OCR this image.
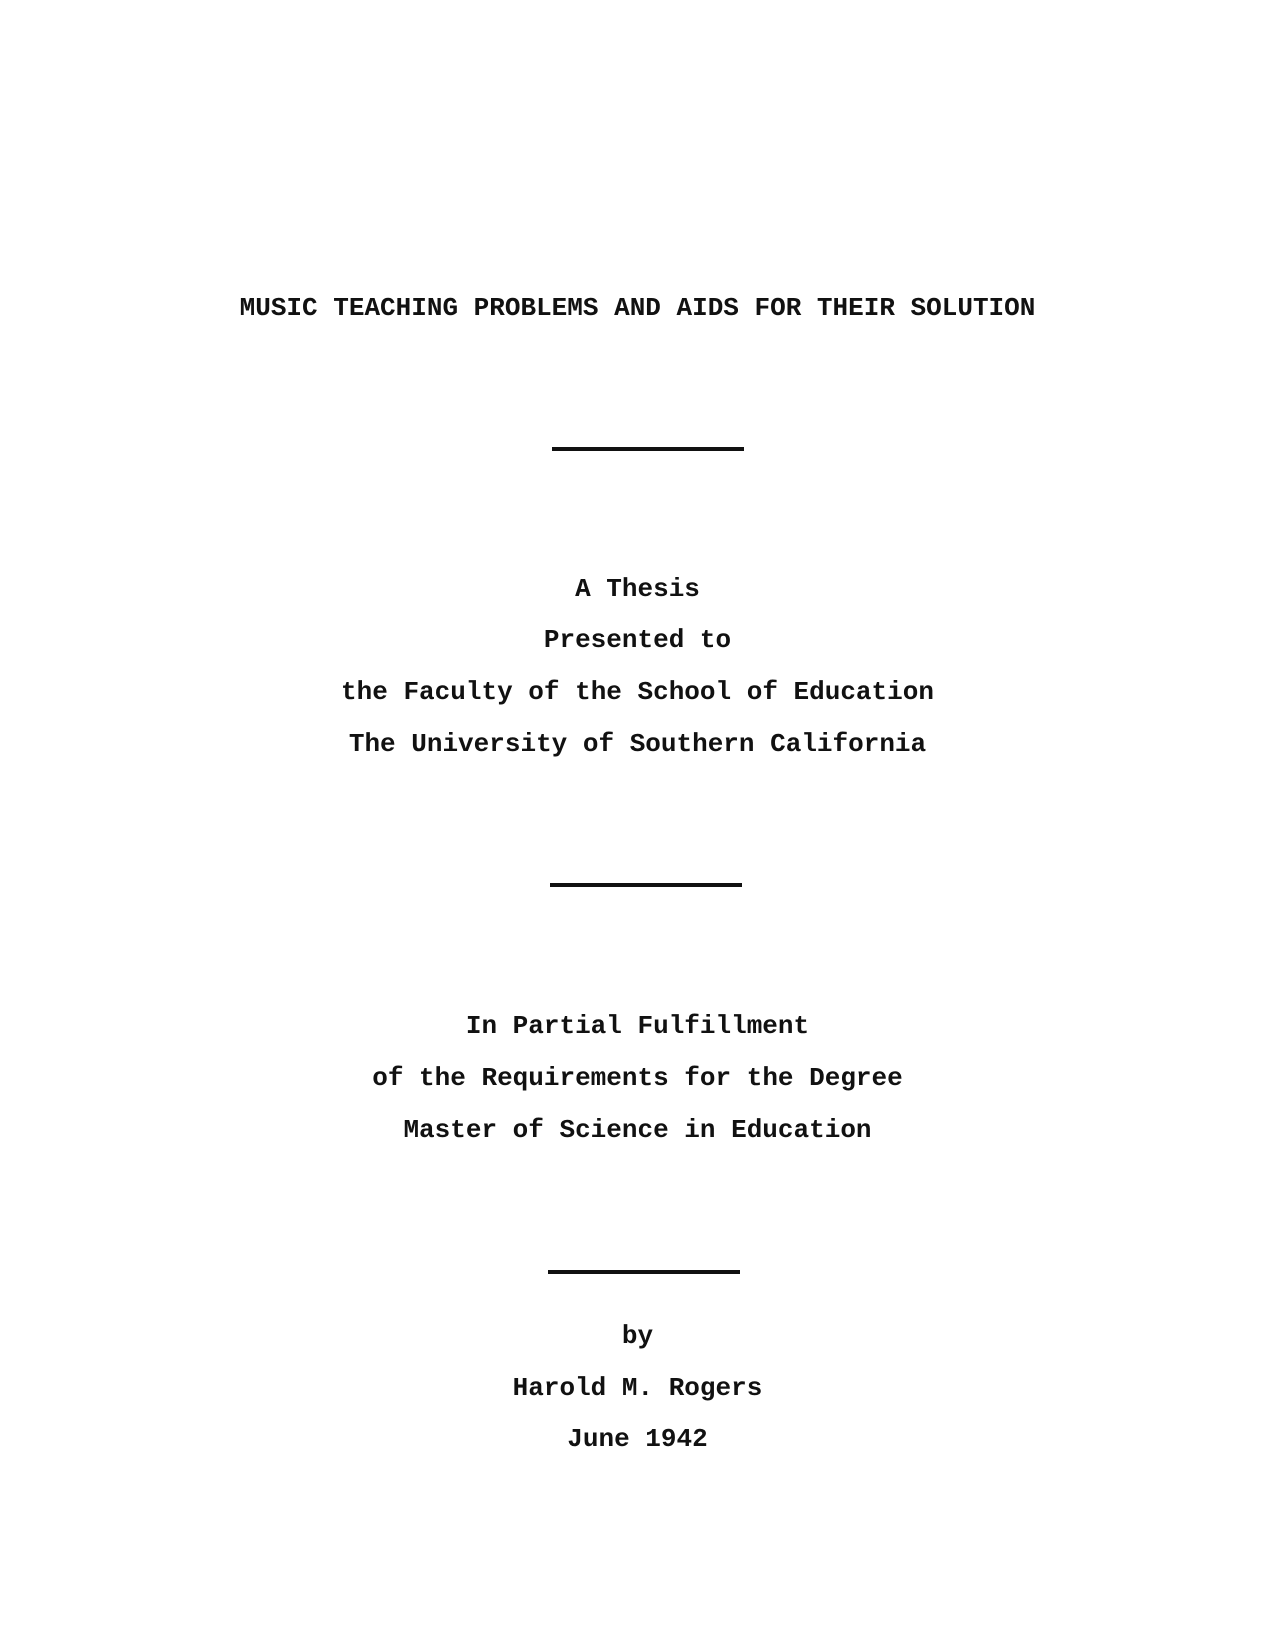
MUSIC TEACHING PROBLEMS AND AIDS FOR THEIR SOLUTION
A Thesis
Presented to
the Faculty of the School of Education
The University of Southern California
In Partial Fulfillment
of the Requirements for the Degree
Master of Science in Education
by
Harold M. Rogers
June 1942
